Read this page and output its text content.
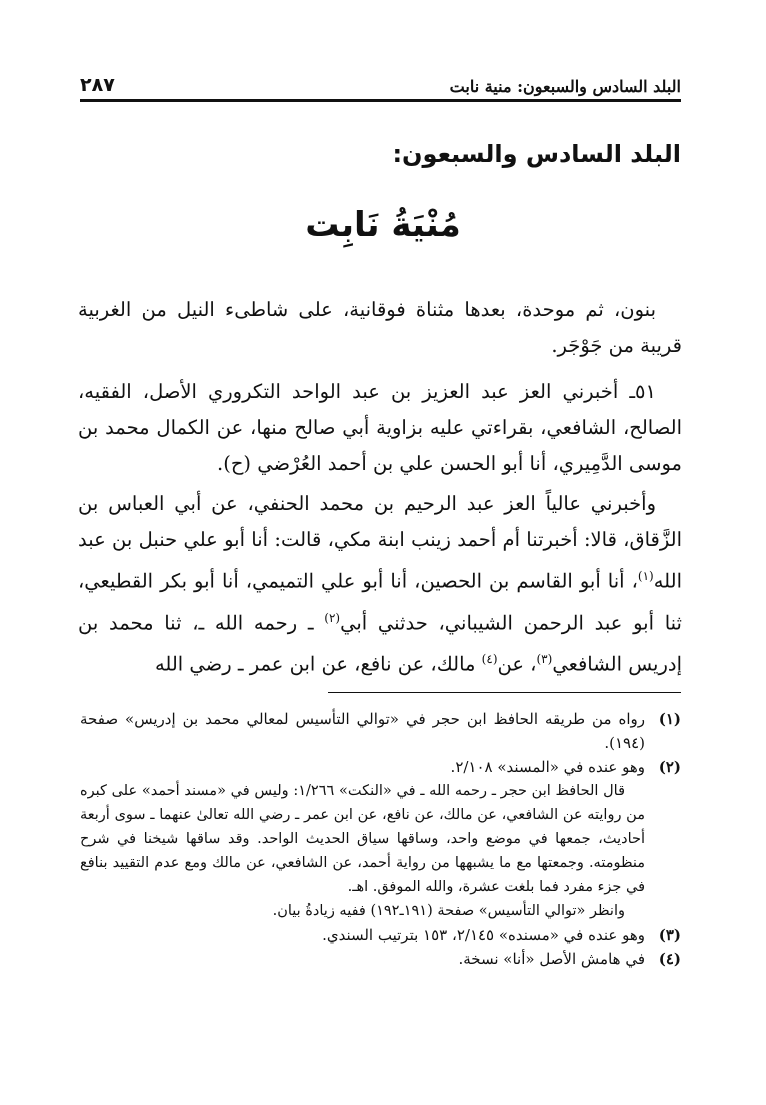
البلد السادس والسبعون: منية نابت
٢٨٧
البلد السادس والسبعون:
مُنْيَةُ نَابِت

بنون، ثم موحدة، بعدها مثناة فوقانية، على شاطىء النيل من الغربية قريبة من جَوْجَر.

٥١ـ أخبرني العز عبد العزيز بن عبد الواحد التكروري الأصل، الفقيه، الصالح، الشافعي، بقراءتي عليه بزاوية أبي صالح منها، عن الكمال محمد بن موسى الدَّمِيري، أنا أبو الحسن علي بن أحمد العُرْضي (ح).

وأخبرني عالياً العز عبد الرحيم بن محمد الحنفي، عن أبي العباس بن الزَّقاق، قالا: أخبرتنا أم أحمد زينب ابنة مكي، قالت: أنا أبو علي حنبل بن عبد الله$^{(١)}$، أنا أبو القاسم بن الحصين، أنا أبو علي التميمي، أنا أبو بكر القطيعي، ثنا أبو عبد الرحمن الشيباني، حدثني أبي$^{(٢)}$ ـ رحمه الله ـ، ثنا محمد بن إدريس الشافعي$^{(٣)}$، عن$^{(٤)}$ مالك، عن نافع، عن ابن عمر ـ رضي الله

(١)
رواه من طريقه الحافظ ابن حجر في «توالي التأسيس لمعالي محمد بن إدريس» صفحة (١٩٤).
(٢)
وهو عنده في «المسند» ٢/١٠٨.
قال الحافظ ابن حجر ـ رحمه الله ـ في «النكت» ١/٢٦٦: وليس في «مسند أحمد» على كبره من روايته عن الشافعي، عن مالك، عن نافع، عن ابن عمر ـ رضي الله تعالىٰ عنهما ـ سوى أربعة أحاديث، جمعها في موضع واحد، وساقها سياق الحديث الواحد. وقد ساقها شيخنا في شرح منظومته. وجمعتها مع ما يشبهها من رواية أحمد، عن الشافعي، عن مالك ومع عدم التقييد بنافع في جزء مفرد فما بلغت عشرة، والله الموفق. اهـ.
وانظر «توالي التأسيس» صفحة (١٩١ـ١٩٢) ففيه زيادةُ بيان.
(٣)
وهو عنده في «مسنده» ٢/١٤٥، ١٥٣ بترتيب السندي.
(٤)
في هامش الأصل «أنا» نسخة.
